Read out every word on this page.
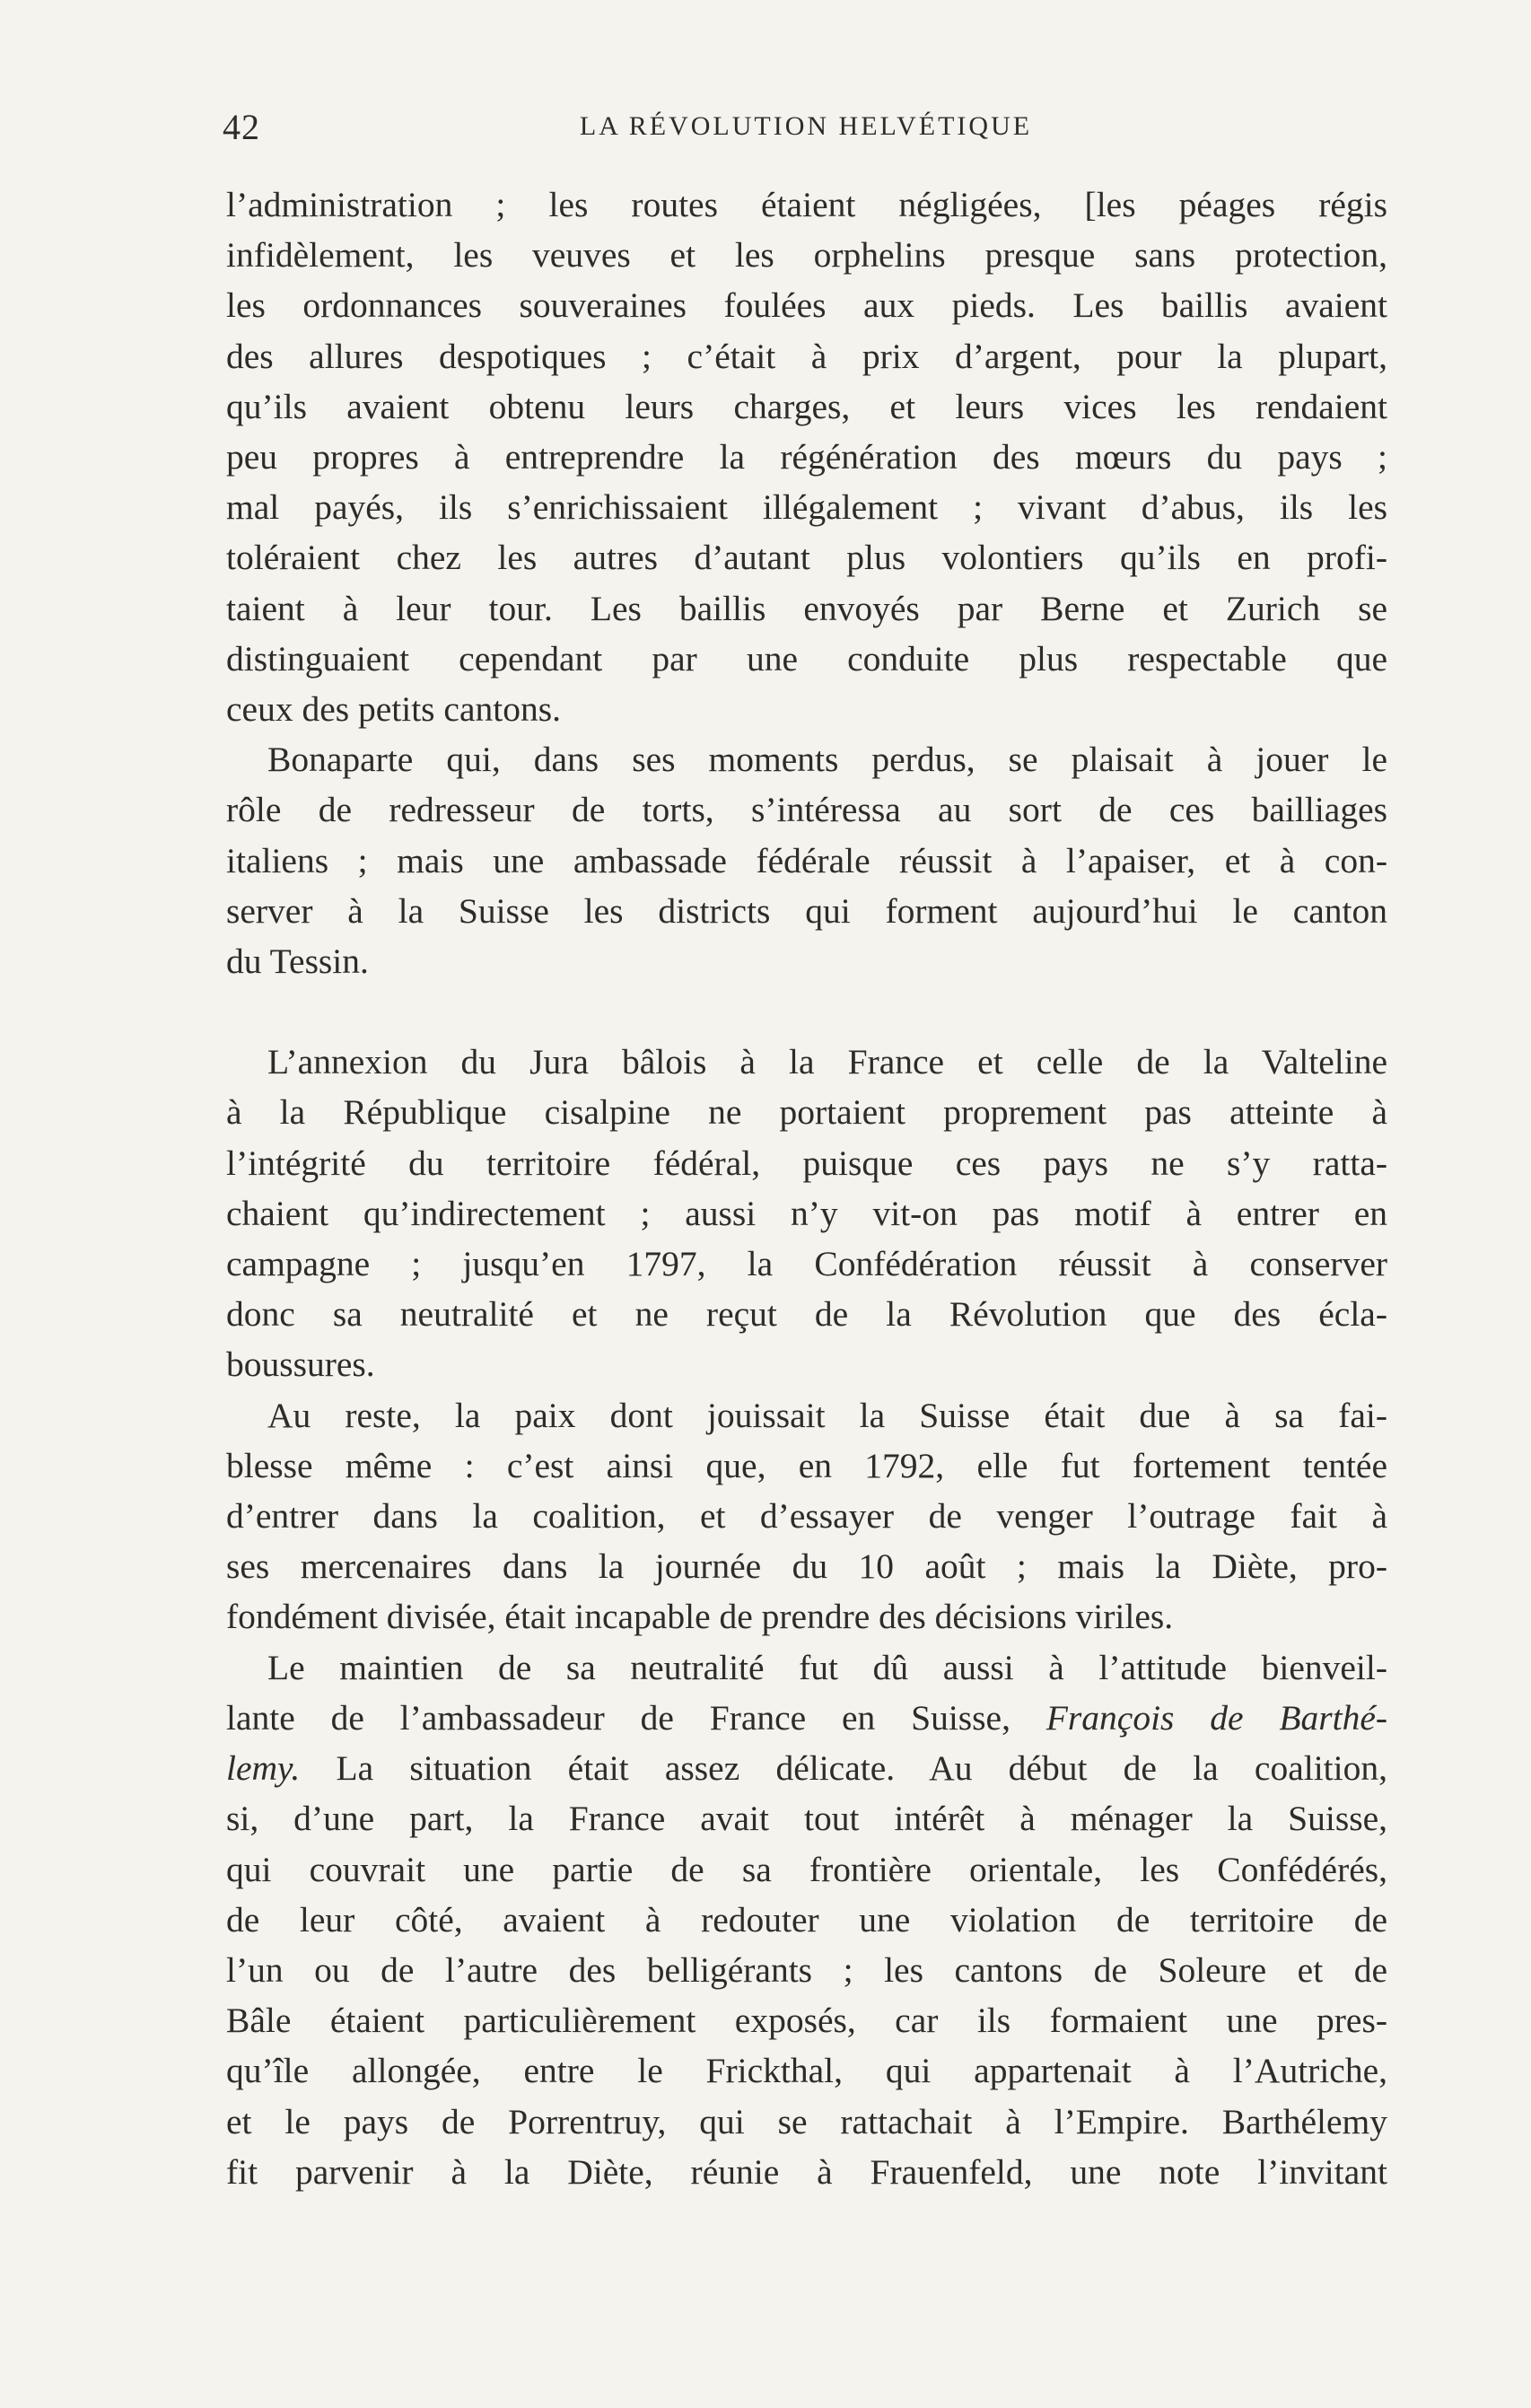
42	LA RÉVOLUTION HELVÉTIQUE

l’administration ; les routes étaient négligées, [les péages régis

infidèlement, les veuves et les orphelins presque sans protection,

les ordonnances souveraines foulées aux pieds. Les baillis avaient

des allures despotiques ; c’était à prix d’argent, pour la plupart,

qu’ils avaient obtenu leurs charges, et leurs vices les rendaient

peu propres à entreprendre la régénération des mœurs du pays ;

mal payés, ils s’enrichissaient illégalement ; vivant d’abus, ils les

toléraient chez les autres d’autant plus volontiers qu’ils en profi-

taient à leur tour. Les baillis envoyés par Berne et Zurich se

distinguaient cependant par une conduite plus respectable que

ceux des petits cantons.

Bonaparte qui, dans ses moments perdus, se plaisait à jouer le

rôle de redresseur de torts, s’intéressa au sort de ces bailliages

italiens ; mais une ambassade fédérale réussit à l’apaiser, et à con-

server à la Suisse les districts qui forment aujourd’hui le canton

du Tessin.

L’annexion du Jura bâlois à la France et celle de la Valteline

à la République cisalpine ne portaient proprement pas atteinte à

l’intégrité du territoire fédéral, puisque ces pays ne s’y ratta-

chaient qu’indirectement ; aussi n’y vit-on pas motif à entrer en

campagne ; jusqu’en 1797, la Confédération réussit à conserver

donc sa neutralité et ne reçut de la Révolution que des écla-

boussures.

Au reste, la paix dont jouissait la Suisse était due à sa fai-

blesse même : c’est ainsi que, en 1792, elle fut fortement tentée

d’entrer dans la coalition, et d’essayer de venger l’outrage fait à

ses mercenaires dans la journée du 10 août ; mais la Diète, pro-

fondément divisée, était incapable de prendre des décisions viriles.

Le maintien de sa neutralité fut dû aussi à l’attitude bienveil-

lante de l’ambassadeur de France en Suisse, François de Barthé-

lemy. La situation était assez délicate. Au début de la coalition,

si, d’une part, la France avait tout intérêt à ménager la Suisse,

qui couvrait une partie de sa frontière orientale, les Confédérés,

de leur côté, avaient à redouter une violation de territoire de

l’un ou de l’autre des belligérants ; les cantons de Soleure et de

Bâle étaient particulièrement exposés, car ils formaient une pres-

qu’île allongée, entre le Frickthal, qui appartenait à l’Autriche,

et le pays de Porrentruy, qui se rattachait à l’Empire. Barthélemy

fit parvenir à la Diète, réunie à Frauenfeld, une note l’invitant
